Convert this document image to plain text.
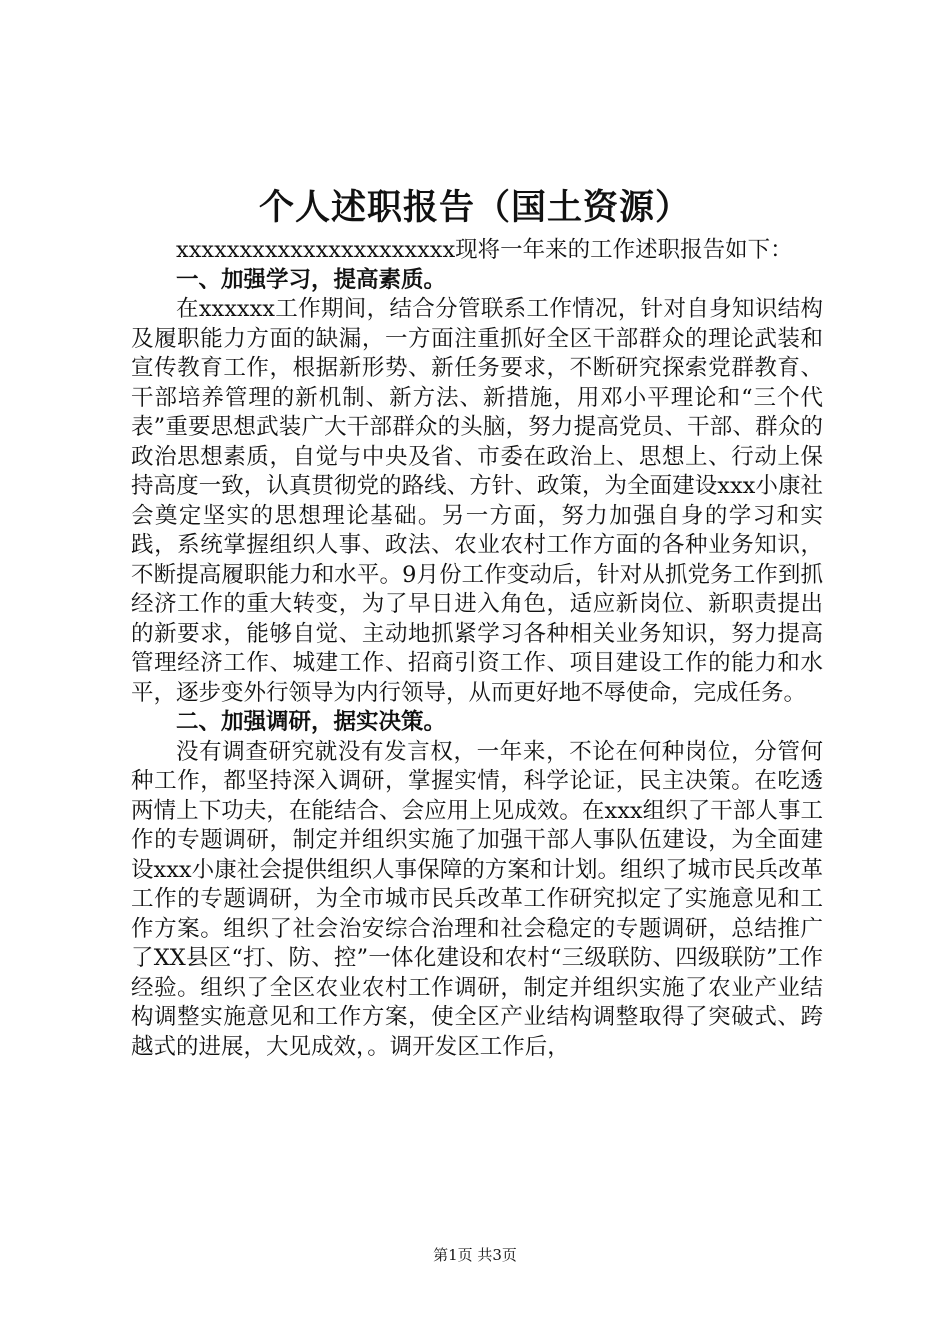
个人述职报告（国土资源）

xxxxxxxxxxxxxxxxxxxxxx现将一年来的工作述职报告如下：

一、加强学习，提高素质。

在xxxxxx工作期间，结合分管联系工作情况，针对自身知识结构及履职能力方面的缺漏，一方面注重抓好全区干部群众的理论武装和宣传教育工作，根据新形势、新任务要求，不断研究探索党群教育、干部培养管理的新机制、新方法、新措施，用邓小平理论和“三个代表”重要思想武装广大干部群众的头脑，努力提高党员、干部、群众的政治思想素质，自觉与中央及省、市委在政治上、思想上、行动上保持高度一致，认真贯彻党的路线、方针、政策，为全面建设xxx小康社会奠定坚实的思想理论基础。另一方面，努力加强自身的学习和实践，系统掌握组织人事、政法、农业农村工作方面的各种业务知识，不断提高履职能力和水平。9月份工作变动后，针对从抓党务工作到抓经济工作的重大转变，为了早日进入角色，适应新岗位、新职责提出的新要求，能够自觉、主动地抓紧学习各种相关业务知识，努力提高管理经济工作、城建工作、招商引资工作、项目建设工作的能力和水平，逐步变外行领导为内行领导，从而更好地不辱使命，完成任务。

二、加强调研，据实决策。

没有调查研究就没有发言权，一年来，不论在何种岗位，分管何种工作，都坚持深入调研，掌握实情，科学论证，民主决策。在吃透两情上下功夫，在能结合、会应用上见成效。在xxx组织了干部人事工作的专题调研，制定并组织实施了加强干部人事队伍建设，为全面建设xxx小康社会提供组织人事保障的方案和计划。组织了城市民兵改革工作的专题调研，为全市城市民兵改革工作研究拟定了实施意见和工作方案。组织了社会治安综合治理和社会稳定的专题调研，总结推广了XX县区“打、防、控”一体化建设和农村“三级联防、四级联防”工作经验。组织了全区农业农村工作调研，制定并组织实施了农业产业结构调整实施意见和工作方案，使全区产业结构调整取得了突破式、跨越式的进展，大见成效，。调开发区工作后，

第1页 共3页
